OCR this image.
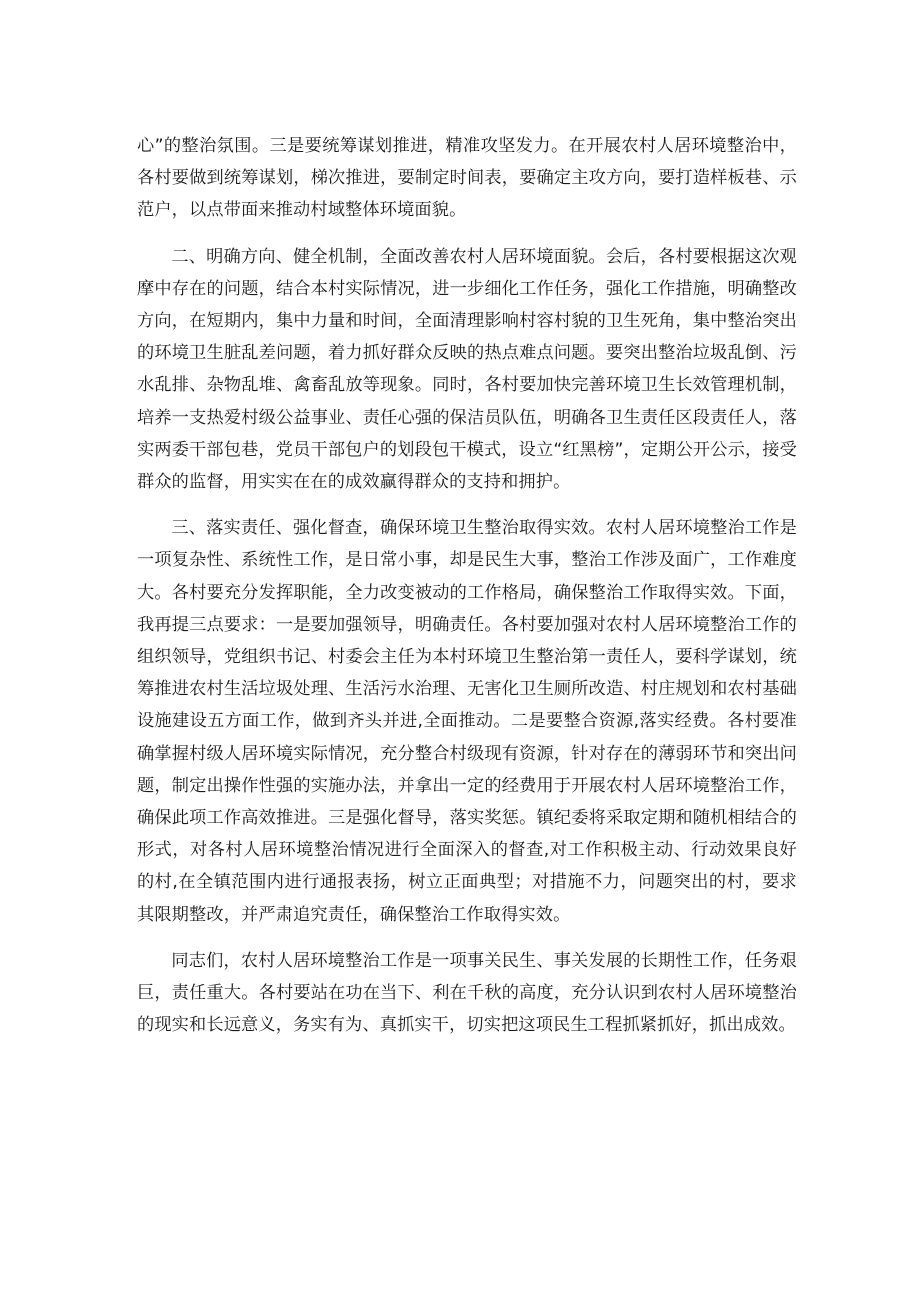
心”的整治氛围。三是要统筹谋划推进，精准攻坚发力。在开展农村人居环境整治中，各村要做到统筹谋划，梯次推进，要制定时间表，要确定主攻方向，要打造样板巷、示范户，以点带面来推动村域整体环境面貌。

二、明确方向、健全机制，全面改善农村人居环境面貌。会后，各村要根据这次观摩中存在的问题，结合本村实际情况，进一步细化工作任务，强化工作措施，明确整改方向，在短期内，集中力量和时间，全面清理影响村容村貌的卫生死角，集中整治突出的环境卫生脏乱差问题，着力抓好群众反映的热点难点问题。要突出整治垃圾乱倒、污水乱排、杂物乱堆、禽畜乱放等现象。同时，各村要加快完善环境卫生长效管理机制，培养一支热爱村级公益事业、责任心强的保洁员队伍，明确各卫生责任区段责任人，落实两委干部包巷，党员干部包户的划段包干模式，设立“红黑榜”，定期公开公示，接受群众的监督，用实实在在的成效赢得群众的支持和拥护。

三、落实责任、强化督查，确保环境卫生整治取得实效。农村人居环境整治工作是一项复杂性、系统性工作，是日常小事，却是民生大事，整治工作涉及面广，工作难度大。各村要充分发挥职能，全力改变被动的工作格局，确保整治工作取得实效。下面，我再提三点要求：一是要加强领导，明确责任。各村要加强对农村人居环境整治工作的组织领导，党组织书记、村委会主任为本村环境卫生整治第一责任人，要科学谋划，统筹推进农村生活垃圾处理、生活污水治理、无害化卫生厕所改造、村庄规划和农村基础设施建设五方面工作，做到齐头并进,全面推动。二是要整合资源,落实经费。各村要准确掌握村级人居环境实际情况，充分整合村级现有资源，针对存在的薄弱环节和突出问题，制定出操作性强的实施办法，并拿出一定的经费用于开展农村人居环境整治工作，确保此项工作高效推进。三是强化督导，落实奖惩。镇纪委将采取定期和随机相结合的形式，对各村人居环境整治情况进行全面深入的督查,对工作积极主动、行动效果良好的村,在全镇范围内进行通报表扬，树立正面典型；对措施不力，问题突出的村，要求其限期整改，并严肃追究责任，确保整治工作取得实效。

同志们，农村人居环境整治工作是一项事关民生、事关发展的长期性工作，任务艰巨，责任重大。各村要站在功在当下、利在千秋的高度，充分认识到农村人居环境整治的现实和长远意义，务实有为、真抓实干，切实把这项民生工程抓紧抓好，抓出成效。
